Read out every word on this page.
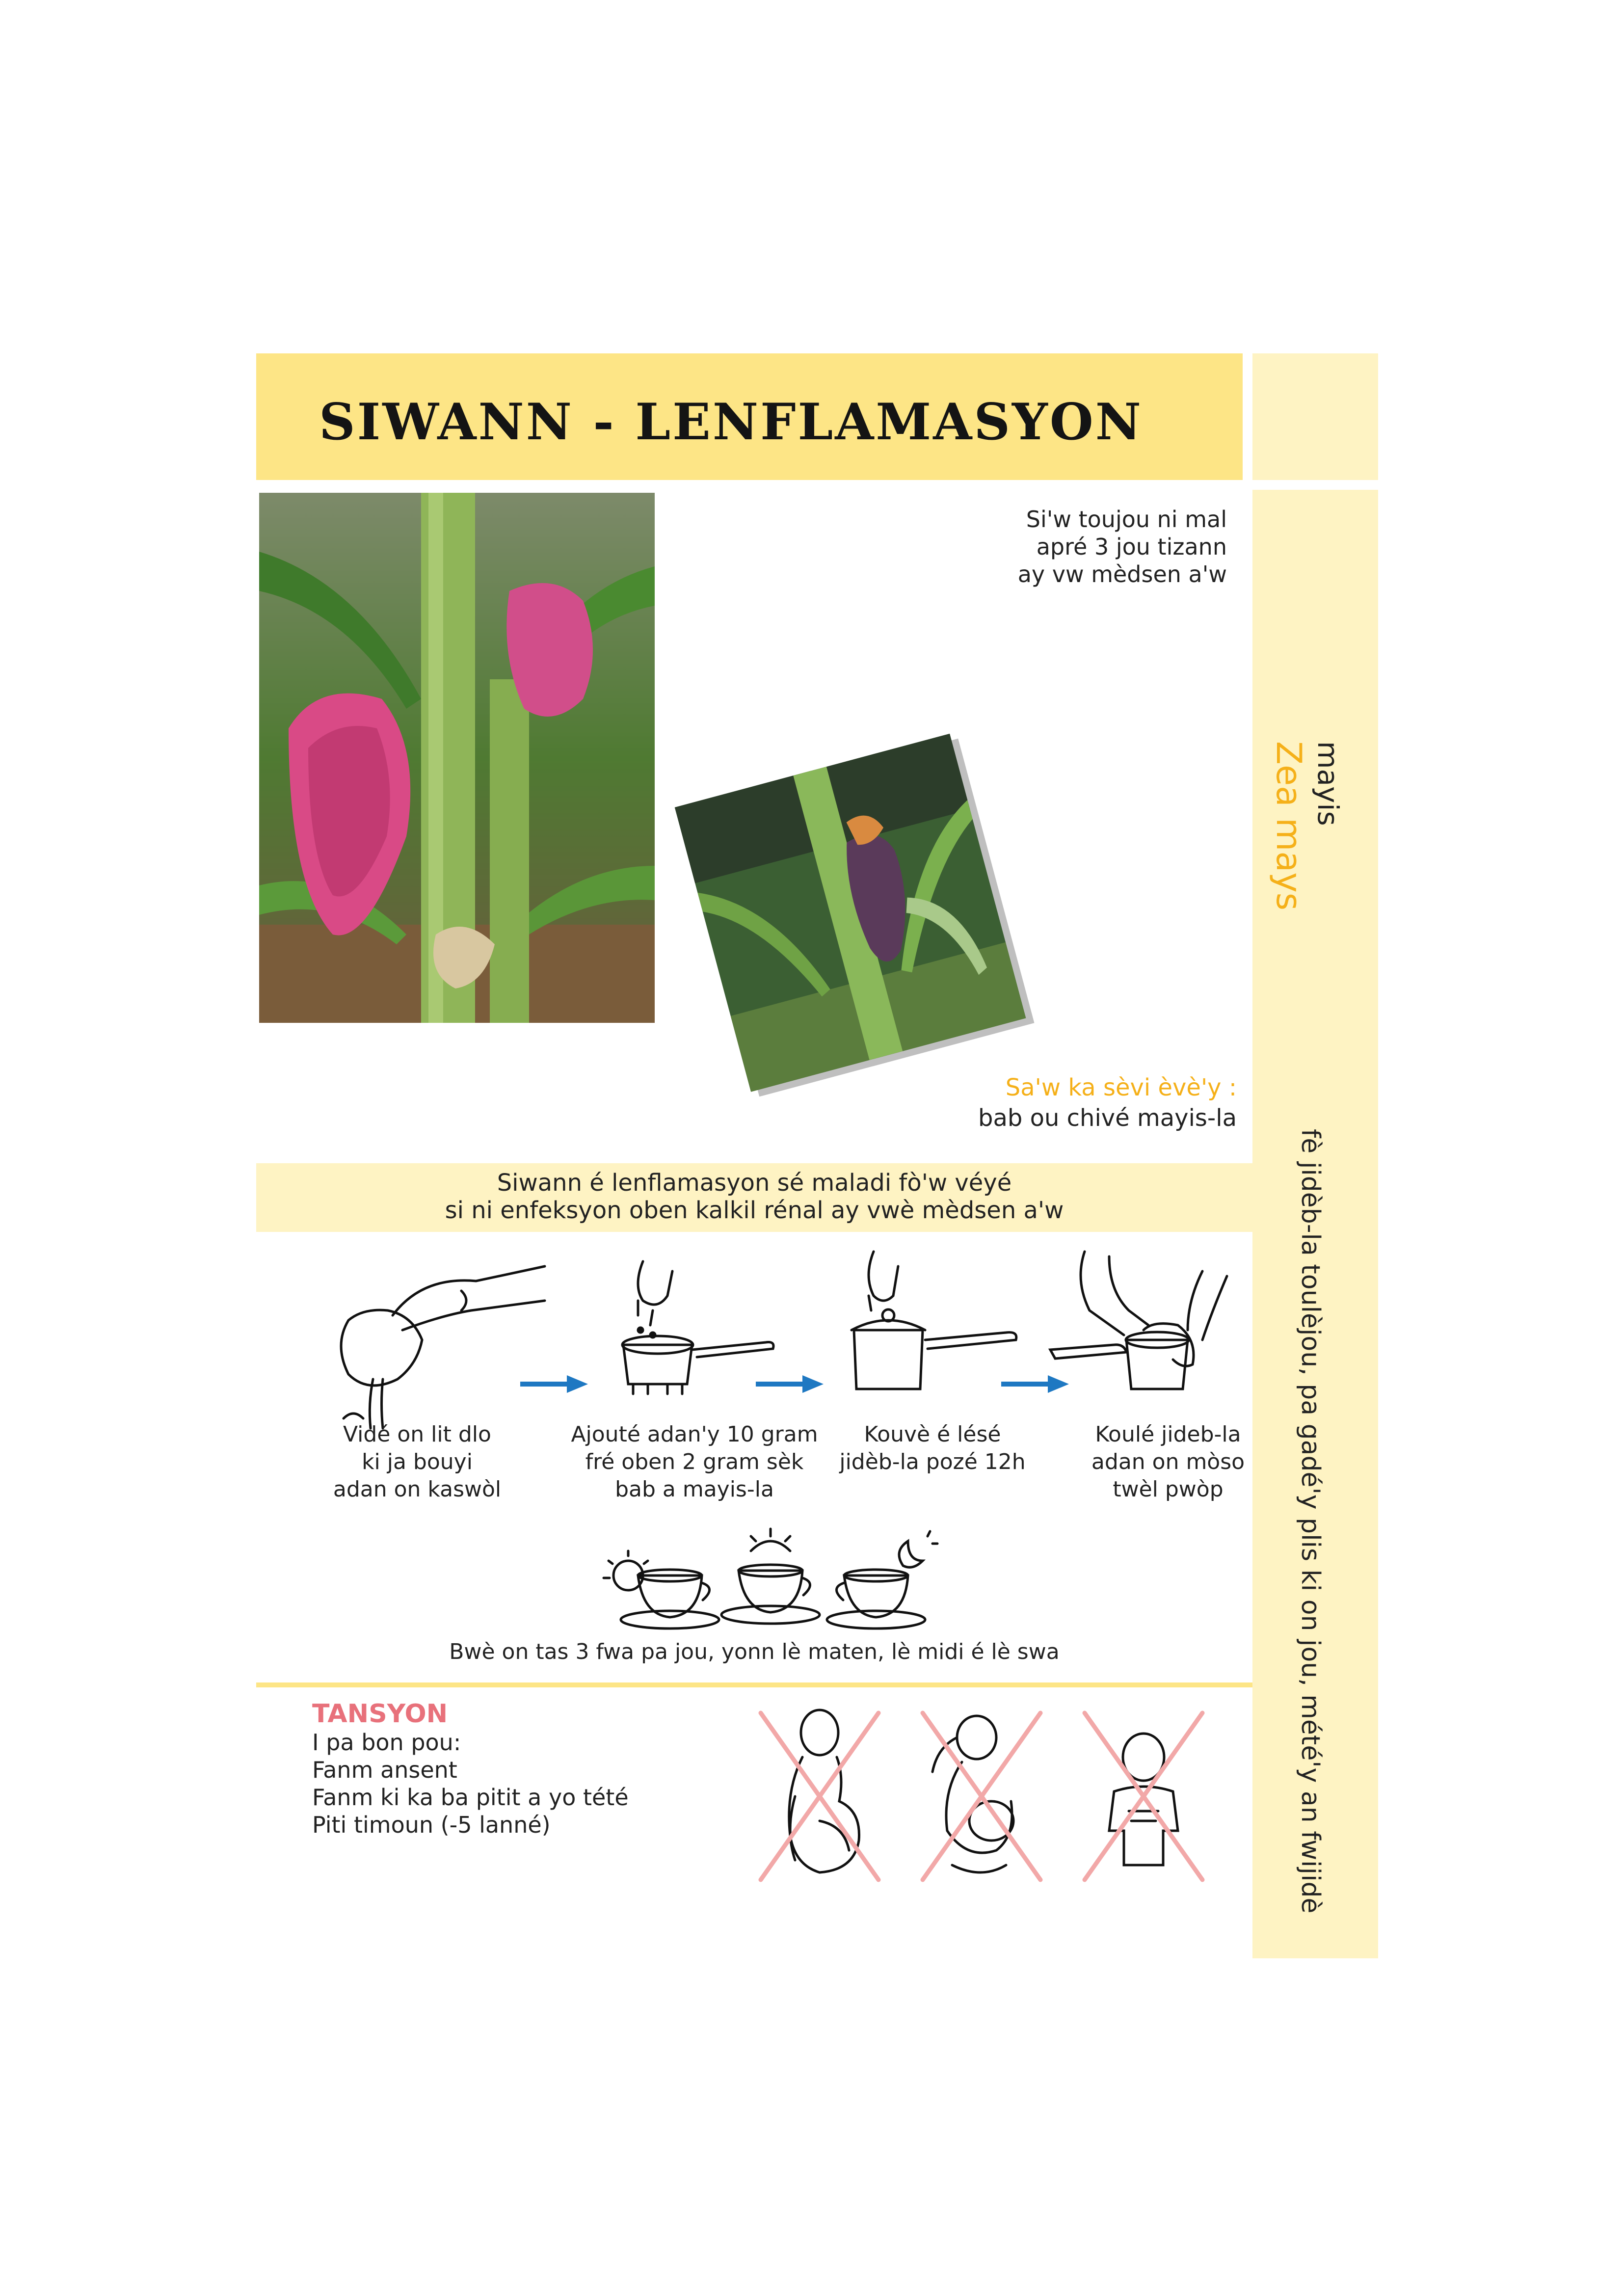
SIWANN - LENFLAMASYON
mayis
Zea mays
fè jidèb-la toulèjou, pa gadé'y plis ki on jou, mété'y an fwijidè
Si'w toujou ni mal
apré 3 jou tizann
ay vw mèdsen a'w
Sa'w ka sèvi èvè'y :
bab ou chivé mayis-la
Siwann é lenflamasyon sé maladi fò'w véyé
si ni enfeksyon oben kalkil rénal ay vwè mèdsen a'w
Vidé on lit dlo
ki ja bouyi
adan on kaswòl
Ajouté adan'y 10 gram
fré oben 2 gram sèk
bab a mayis-la
Kouvè é lésé
jidèb-la pozé 12h
Koulé jideb-la
adan on mòso
twèl pwòp
Bwè on tas 3 fwa pa jou, yonn lè maten, lè midi é lè swa
TANSYON
I pa bon pou:
Fanm ansent
Fanm ki ka ba pitit a yo tété
Piti timoun (-5 lanné)
